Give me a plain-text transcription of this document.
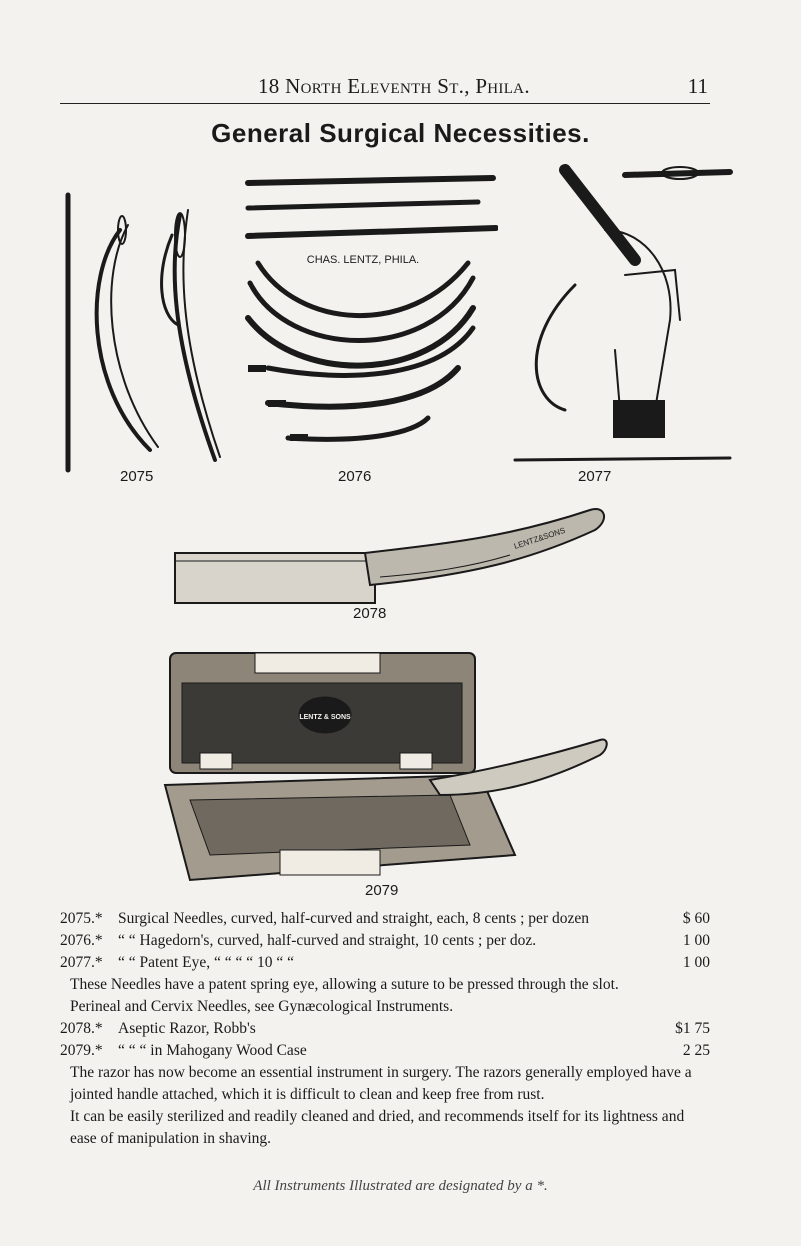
18 North Eleventh St., Phila.	11
General Surgical Necessities.
2075
CHAS. LENTZ, PHILA.
2076	2077
LENTZ&SONS
2078
LENTZ & SONS
2079
2075.* Surgical Needles, curved, half-curved and straight, each, 8 cents ; per dozen	$ 60
2076.* “ “ Hagedorn's, curved, half-curved and straight, 10 cents ; per doz.	1 00
2077.* “ “ Patent Eye, “ “ “ “ 10 “ “	1 00

These Needles have a patent spring eye, allowing a suture to be pressed through the slot.

Perineal and Cervix Needles, see Gynæcological Instruments.

2078.* Aseptic Razor, Robb's	$1 75
2079.* “ “ “ in Mahogany Wood Case	2 25

The razor has now become an essential instrument in surgery. The razors generally employed have a jointed handle attached, which it is difficult to clean and keep free from rust.

It can be easily sterilized and readily cleaned and dried, and recommends itself for its lightness and ease of manipulation in shaving.

All Instruments Illustrated are designated by a *.
